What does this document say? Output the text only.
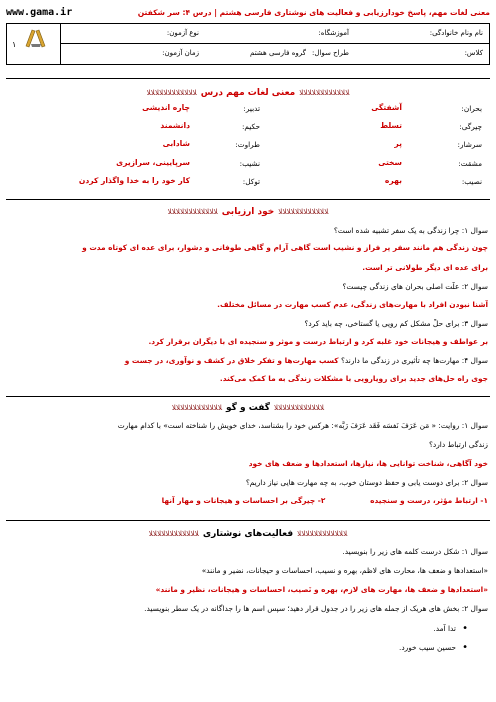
www.gama.ir	معنی لغات مهم، پاسخ خودارزیابی و فعالیت های نوشتاری فارسی هشتم | درس ۴: سر شکفتن
۱
نام ونام خانوادگی:
آموزشگاه:
نوع آزمون:
کلاس:
طراح سوال:
گروه فارسی هشتم
زمان آزمون:
ﻼﻼﻼﻼﻼﻼﻼﻼﻼﻼﻼﻼ معنی لغات مهم درس ﻼﻼﻼﻼﻼﻼﻼﻼﻼﻼﻼﻼ
بحران:
آشفتگی
تدبیر:
چاره اندیشی
چیرگی:
تسلط
حکیم:
دانشمند
سرشار:
پر
طراوت:
شادابی
مشقت:
سختی
نشیب:
سرپایینی، سرازیری
نصیب:
بهره
توکل:
کار خود را به خدا واگذار کردن
ﻼﻼﻼﻼﻼﻼﻼﻼﻼﻼﻼﻼ خود ارزیابی ﻼﻼﻼﻼﻼﻼﻼﻼﻼﻼﻼﻼ
سوال ۱: چرا زندگی به یک سفر تشبیه شده است؟
چون زندگی هم مانند سفر پر فراز و نشیب است گاهی آرام و گاهی طوفانی و دشوار، برای عده ای کوتاه مدت و
برای عده ای دیگر طولانی تر است.
سوال ۲: علّت اصلی بحران های زندگی چیست؟
آشنا نبودن افراد با مهارت‌های زندگی، عدم کسب مهارت در مسائل مختلف.
سوال ۳: برای حلِّ مشکل کم رویی یا گستاخی، چه باید کرد؟
بر عواطف و هیجانات خود غلبه کرد و ارتباط درست و موثر و سنجیده ای با دیگران برقرار کرد.
سوال ۴: مهارت‌ها چه تأثیری در زندگی ما دارند؟ کسب مهارت‌ها و تفکر خلاق در کشف و نوآوری، در جست و
جوی راه حل‌های جدید برای رویارویی با مشکلات زندگی به ما کمک می‌کند.
ﻼﻼﻼﻼﻼﻼﻼﻼﻼﻼﻼﻼ گفت و گو ﻼﻼﻼﻼﻼﻼﻼﻼﻼﻼﻼﻼ
سوال ۱: روایت: « مَن عَرَفَ نَفسَه فَقَد عَرَفَ رَبَّه»: هرکس خود را بشناسد، خدای خویش را شناخته است» با کدام مهارت
زندگی ارتباط دارد؟
خود آگاهی، شناخت توانایی ها، نیاز‌ها، استعدادها و ضعف های خود
سوال ۲: برای دوست یابی و حفظ دوستان خوب، به چه مهارت هایی نیاز داریم؟
۱- ارتباط مؤثر، درست و سنجیده  ۲- چیرگی بر احساسات و هیجانات و مهار آنها
ﻼﻼﻼﻼﻼﻼﻼﻼﻼﻼﻼﻼ فعالیت‌های نوشتاری ﻼﻼﻼﻼﻼﻼﻼﻼﻼﻼﻼﻼ
سوال ۱: شکل درست کلمه های زیر را بنویسید.
«استعدادها و ضعف ها، محارت های لاظم، بهره و نسیب، احساسات و حیجانات، نضیر و مانند»
«استعدادها و ضعف ها، مهارت های لازم، بهره و نَصیب، احساسات و هیجانات، نظیر و مانند»
سوال ۲: بخش های هریک از جمله های زیر را در جدول قرار دهید؛ سپس اسم ها را جداگانه در یک سطر بنویسید.
• تدا آمد.
• حسین سیب خورد.
